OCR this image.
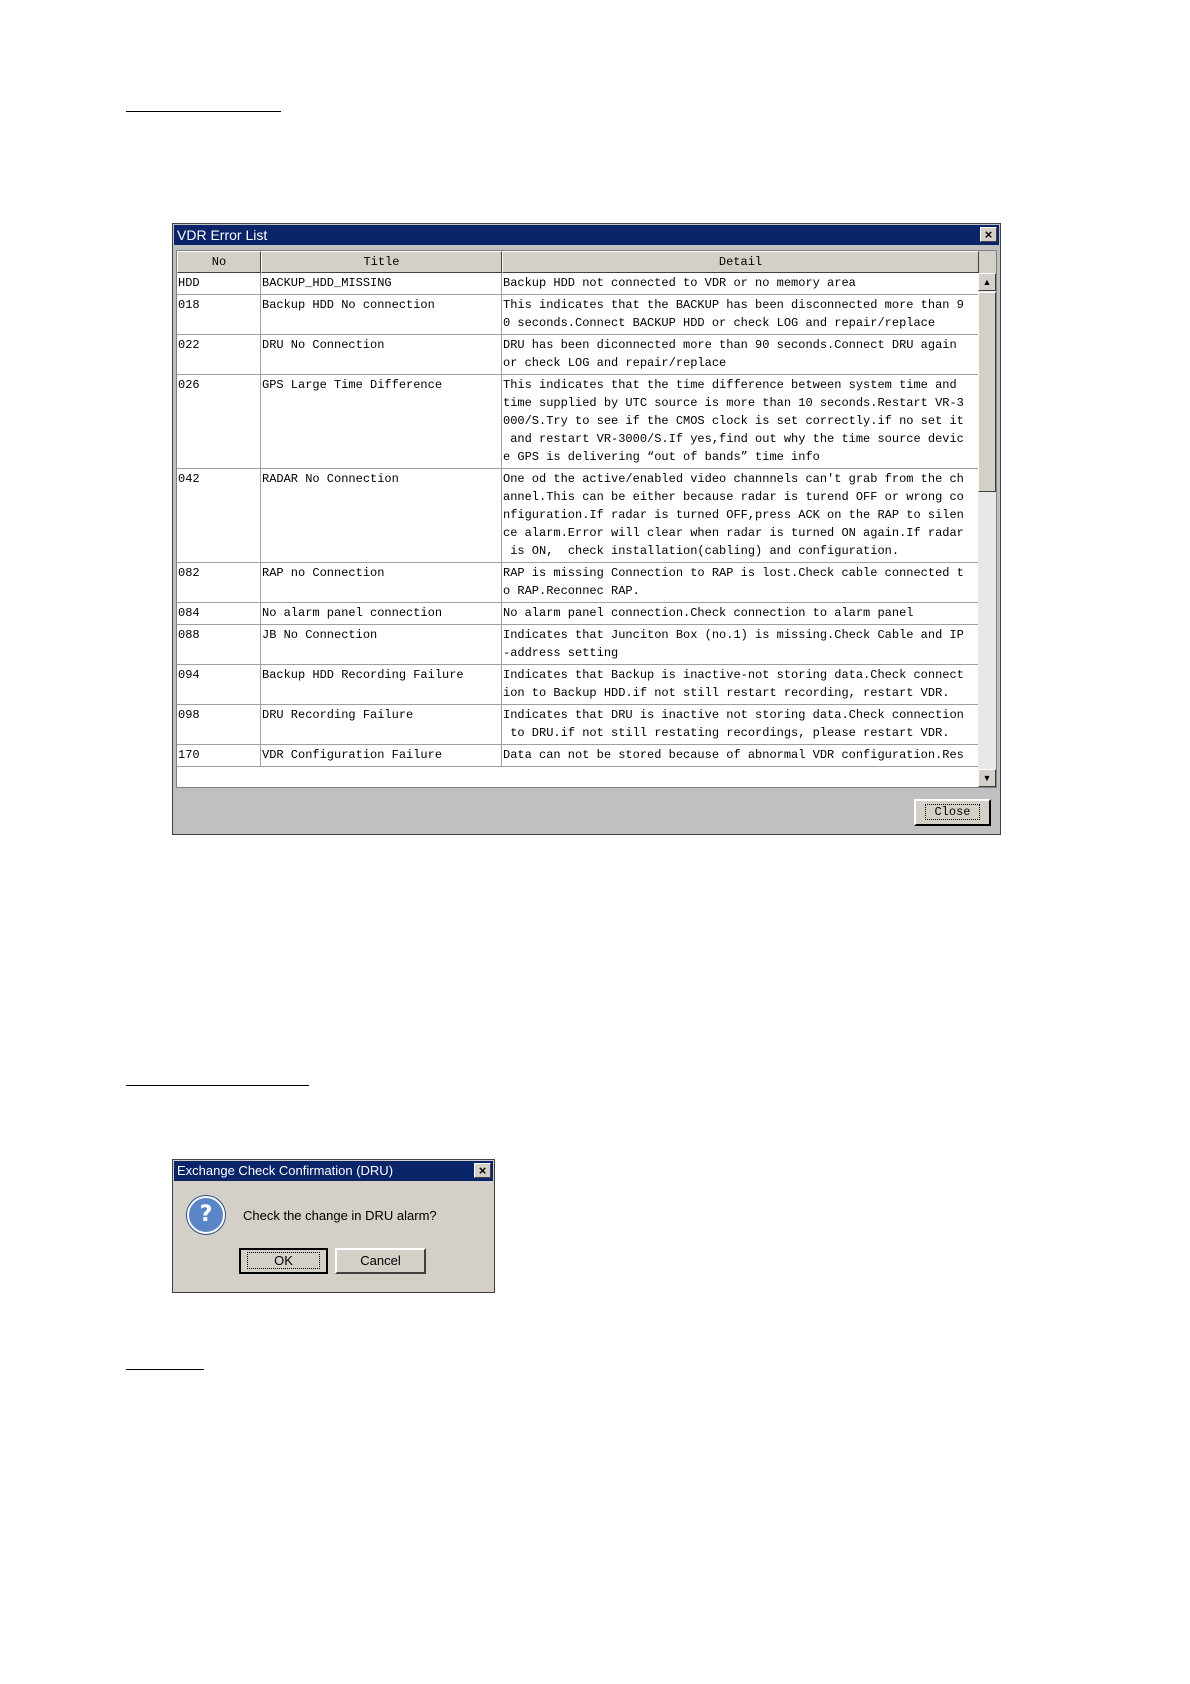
VDR Error List	×
No	Title	Detail
HDD	BACKUP_HDD_MISSING	Backup HDD not connected to VDR or no memory area
018	Backup HDD No connection	This indicates that the BACKUP has been disconnected more than 9
0 seconds.Connect BACKUP HDD or check LOG and repair/replace
022	DRU No Connection	DRU has been diconnected more than 90 seconds.Connect DRU again
or check LOG and repair/replace
026	GPS Large Time Difference	This indicates that the time difference between system time and
time supplied by UTC source is more than 10 seconds.Restart VR-3
000/S.Try to see if the CMOS clock is set correctly.if no set it
and restart VR-3000/S.If yes,find out why the time source devic
e GPS is delivering “out of bands” time info
042	RADAR No Connection	One od the active/enabled video channnels can't grab from the ch
annel.This can be either because radar is turend OFF or wrong co
nfiguration.If radar is turned OFF,press ACK on the RAP to silen
ce alarm.Error will clear when radar is turned ON again.If radar
is ON,  check installation(cabling) and configuration.
082	RAP no Connection	RAP is missing Connection to RAP is lost.Check cable connected t
o RAP.Reconnec RAP.
084	No alarm panel connection	No alarm panel connection.Check connection to alarm panel
088	JB No Connection	Indicates that Junciton Box (no.1) is missing.Check Cable and IP
-address setting
094	Backup HDD Recording Failure	Indicates that Backup is inactive-not storing data.Check connect
ion to Backup HDD.if not still restart recording, restart VDR.
098	DRU Recording Failure	Indicates that DRU is inactive not storing data.Check connection
to DRU.if not still restating recordings, please restart VDR.
170	VDR Configuration Failure	Data can not be stored because of abnormal VDR configuration.Res
▲
▼
Close
Exchange Check Confirmation (DRU)	×
?	Check the change in DRU alarm?
OK	Cancel
